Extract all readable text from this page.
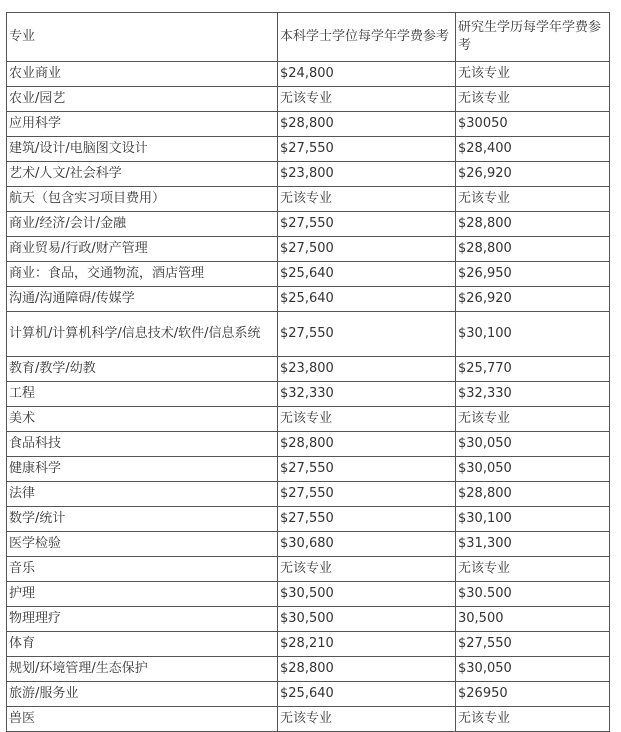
专业	本科学士学位每学年学费参考	研究生学历每学年学费参考
农业商业	$24,800	无该专业
农业/园艺	无该专业	无该专业
应用科学	$28,800	$30050
建筑/设计/电脑图文设计	$27,550	$28,400
艺术/人文/社会科学	$23,800	$26,920
航天（包含实习项目费用）	无该专业	无该专业
商业/经济/会计/金融	$27,550	$28,800
商业贸易/行政/财产管理	$27,500	$28,800
商业：食品，交通物流，酒店管理	$25,640	$26,950
沟通/沟通障碍/传媒学	$25,640	$26,920
计算机/计算机科学/信息技术/软件/信息系统	$27,550	$30,100
教育/教学/幼教	$23,800	$25,770
工程	$32,330	$32,330
美术	无该专业	无该专业
食品科技	$28,800	$30,050
健康科学	$27,550	$30,050
法律	$27,550	$28,800
数学/统计	$27,550	$30,100
医学检验	$30,680	$31,300
音乐	无该专业	无该专业
护理	$30,500	$30.500
物理理疗	$30,500	30,500
体育	$28,210	$27,550
规划/环境管理/生态保护	$28,800	$30,050
旅游/服务业	$25,640	$26950
兽医	无该专业	无该专业
